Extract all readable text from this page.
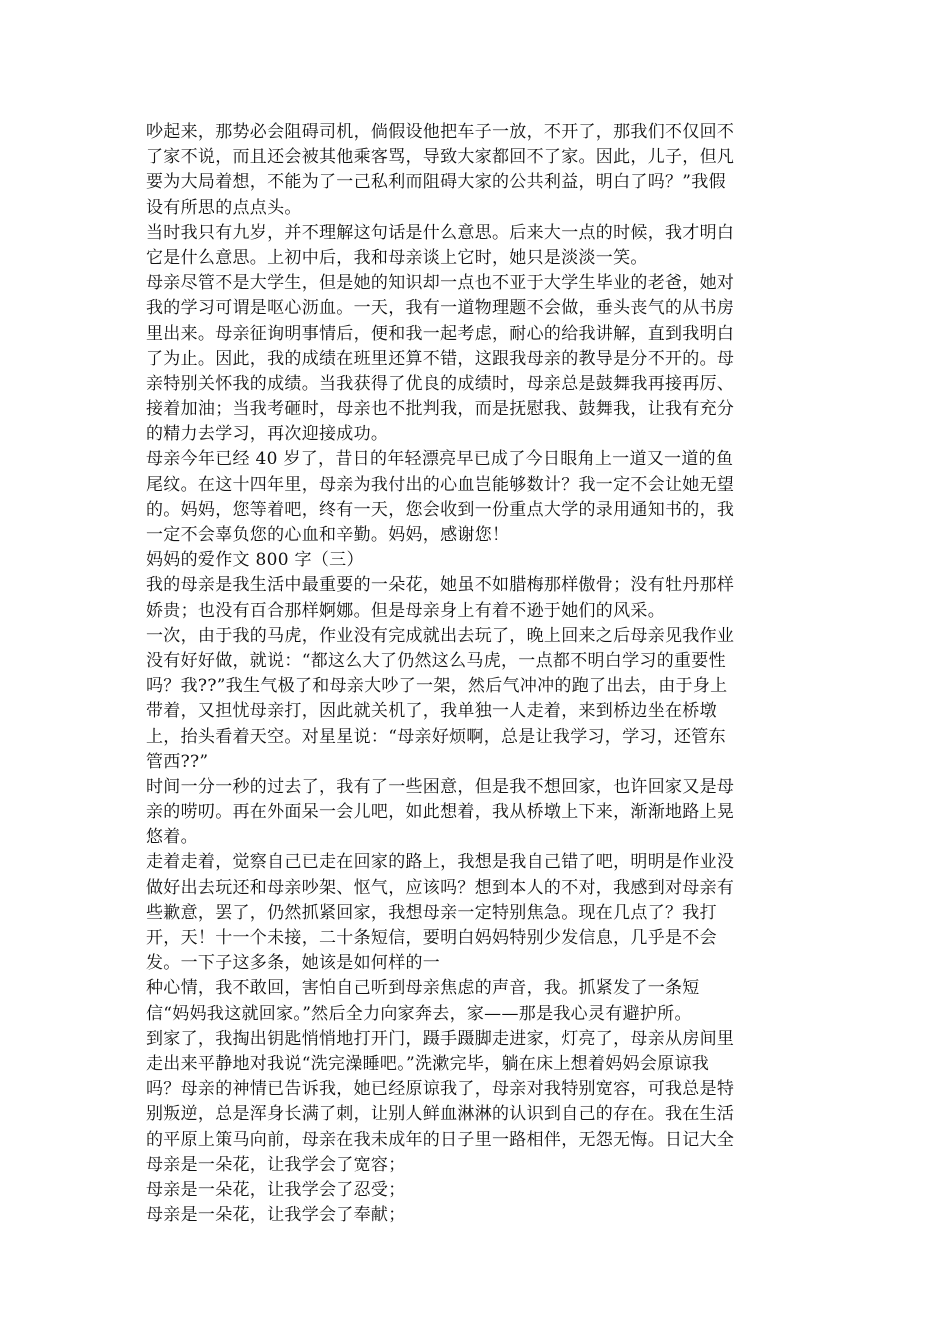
吵起来，那势必会阻碍司机，倘假设他把车子一放，不开了，那我们不仅回不
了家不说，而且还会被其他乘客骂，导致大家都回不了家。因此，儿子，但凡
要为大局着想，不能为了一己私利而阻碍大家的公共利益，明白了吗？”我假
设有所思的点点头。
当时我只有九岁，并不理解这句话是什么意思。后来大一点的时候，我才明白
它是什么意思。上初中后，我和母亲谈上它时，她只是淡淡一笑。
母亲尽管不是大学生，但是她的知识却一点也不亚于大学生毕业的老爸，她对
我的学习可谓是呕心沥血。一天，我有一道物理题不会做，垂头丧气的从书房
里出来。母亲征询明事情后，便和我一起考虑，耐心的给我讲解，直到我明白
了为止。因此，我的成绩在班里还算不错，这跟我母亲的教导是分不开的。母
亲特别关怀我的成绩。当我获得了优良的成绩时，母亲总是鼓舞我再接再厉、
接着加油；当我考砸时，母亲也不批判我，而是抚慰我、鼓舞我，让我有充分
的精力去学习，再次迎接成功。
母亲今年已经 40 岁了，昔日的年轻漂亮早已成了今日眼角上一道又一道的鱼
尾纹。在这十四年里，母亲为我付出的心血岂能够数计？我一定不会让她无望
的。妈妈，您等着吧，终有一天，您会收到一份重点大学的录用通知书的，我
一定不会辜负您的心血和辛勤。妈妈，感谢您！
妈妈的爱作文 800 字（三）
我的母亲是我生活中最重要的一朵花，她虽不如腊梅那样傲骨；没有牡丹那样
娇贵；也没有百合那样婀娜。但是母亲身上有着不逊于她们的风采。
一次，由于我的马虎，作业没有完成就出去玩了，晚上回来之后母亲见我作业
没有好好做，就说：“都这么大了仍然这么马虎，一点都不明白学习的重要性
吗？我??”我生气极了和母亲大吵了一架，然后气冲冲的跑了出去，由于身上
带着，又担忧母亲打，因此就关机了，我单独一人走着，来到桥边坐在桥墩
上，抬头看着天空。对星星说：“母亲好烦啊，总是让我学习，学习，还管东
管西??”
时间一分一秒的过去了，我有了一些困意，但是我不想回家，也许回家又是母
亲的唠叨。再在外面呆一会儿吧，如此想着，我从桥墩上下来，渐渐地路上晃
悠着。
走着走着，觉察自己已走在回家的路上，我想是我自己错了吧，明明是作业没
做好出去玩还和母亲吵架、怄气，应该吗？想到本人的不对，我感到对母亲有
些歉意，罢了，仍然抓紧回家，我想母亲一定特别焦急。现在几点了？我打
开，天！十一个未接，二十条短信，要明白妈妈特别少发信息，几乎是不会
发。一下子这多条，她该是如何样的一
种心情，我不敢回，害怕自己听到母亲焦虑的声音，我。抓紧发了一条短
信“妈妈我这就回家。”然后全力向家奔去，家——那是我心灵有避护所。
到家了，我掏出钥匙悄悄地打开门，蹑手蹑脚走进家，灯亮了，母亲从房间里
走出来平静地对我说“洗完澡睡吧。”洗漱完毕，躺在床上想着妈妈会原谅我
吗？母亲的神情已告诉我，她已经原谅我了，母亲对我特别宽容，可我总是特
别叛逆，总是浑身长满了刺，让别人鲜血淋淋的认识到自己的存在。我在生活
的平原上策马向前，母亲在我未成年的日子里一路相伴，无怨无悔。日记大全
母亲是一朵花，让我学会了宽容；
母亲是一朵花，让我学会了忍受；
母亲是一朵花，让我学会了奉献；
